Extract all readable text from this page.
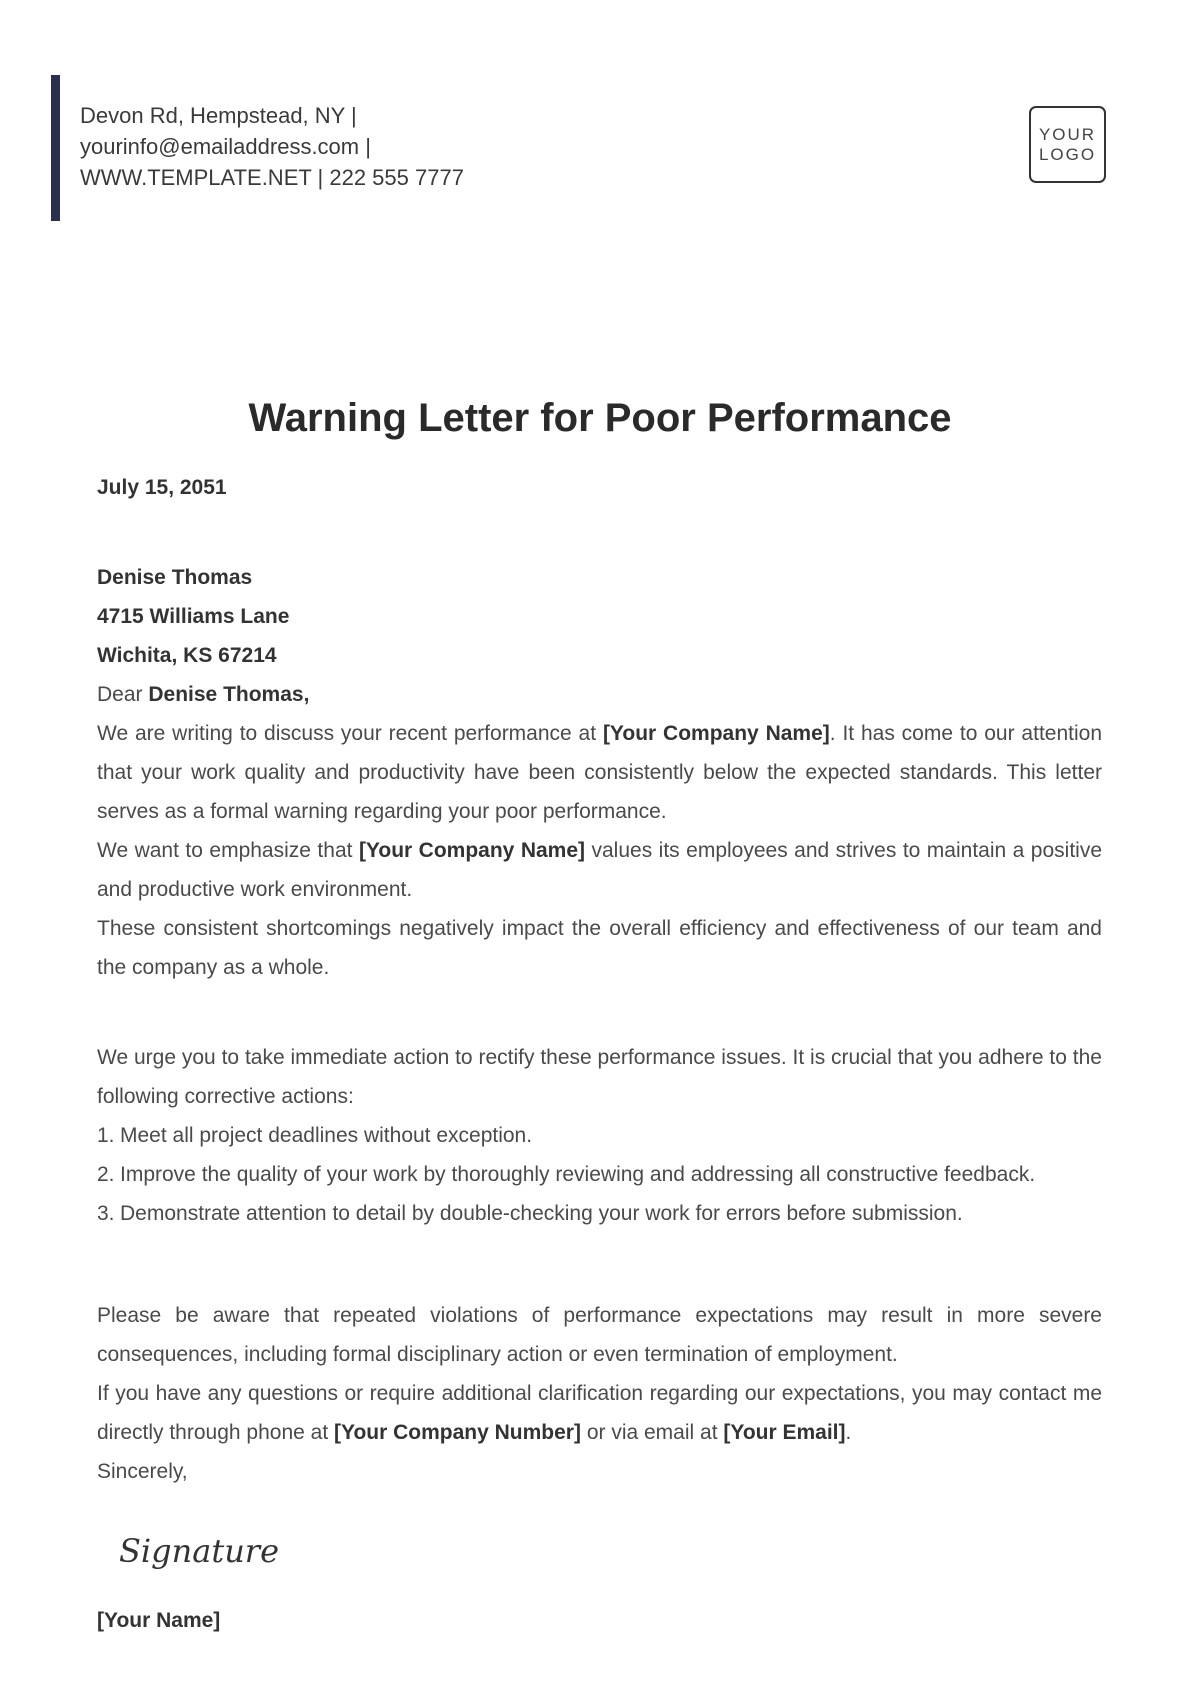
Devon Rd, Hempstead, NY |
yourinfo@emailaddress.com |
WWW.TEMPLATE.NET | 222 555 7777
YOUR
LOGO
Warning Letter for Poor Performance

July 15, 2051

Denise Thomas

4715 Williams Lane

Wichita, KS 67214

Dear Denise Thomas,

We are writing to discuss your recent performance at [Your Company Name]. It has come to our attention that your work quality and productivity have been consistently below the expected standards. This letter serves as a formal warning regarding your poor performance.

We want to emphasize that [Your Company Name] values its employees and strives to maintain a positive and productive work environment.

These consistent shortcomings negatively impact the overall efficiency and effectiveness of our team and the company as a whole.

We urge you to take immediate action to rectify these performance issues. It is crucial that you adhere to the following corrective actions:

1. Meet all project deadlines without exception.
2. Improve the quality of your work by thoroughly reviewing and addressing all constructive feedback.
3. Demonstrate attention to detail by double-checking your work for errors before submission.

Please be aware that repeated violations of performance expectations may result in more severe consequences, including formal disciplinary action or even termination of employment.

If you have any questions or require additional clarification regarding our expectations, you may contact me directly through phone at [Your Company Number] or via email at [Your Email].

Sincerely,

Signature

[Your Name]
